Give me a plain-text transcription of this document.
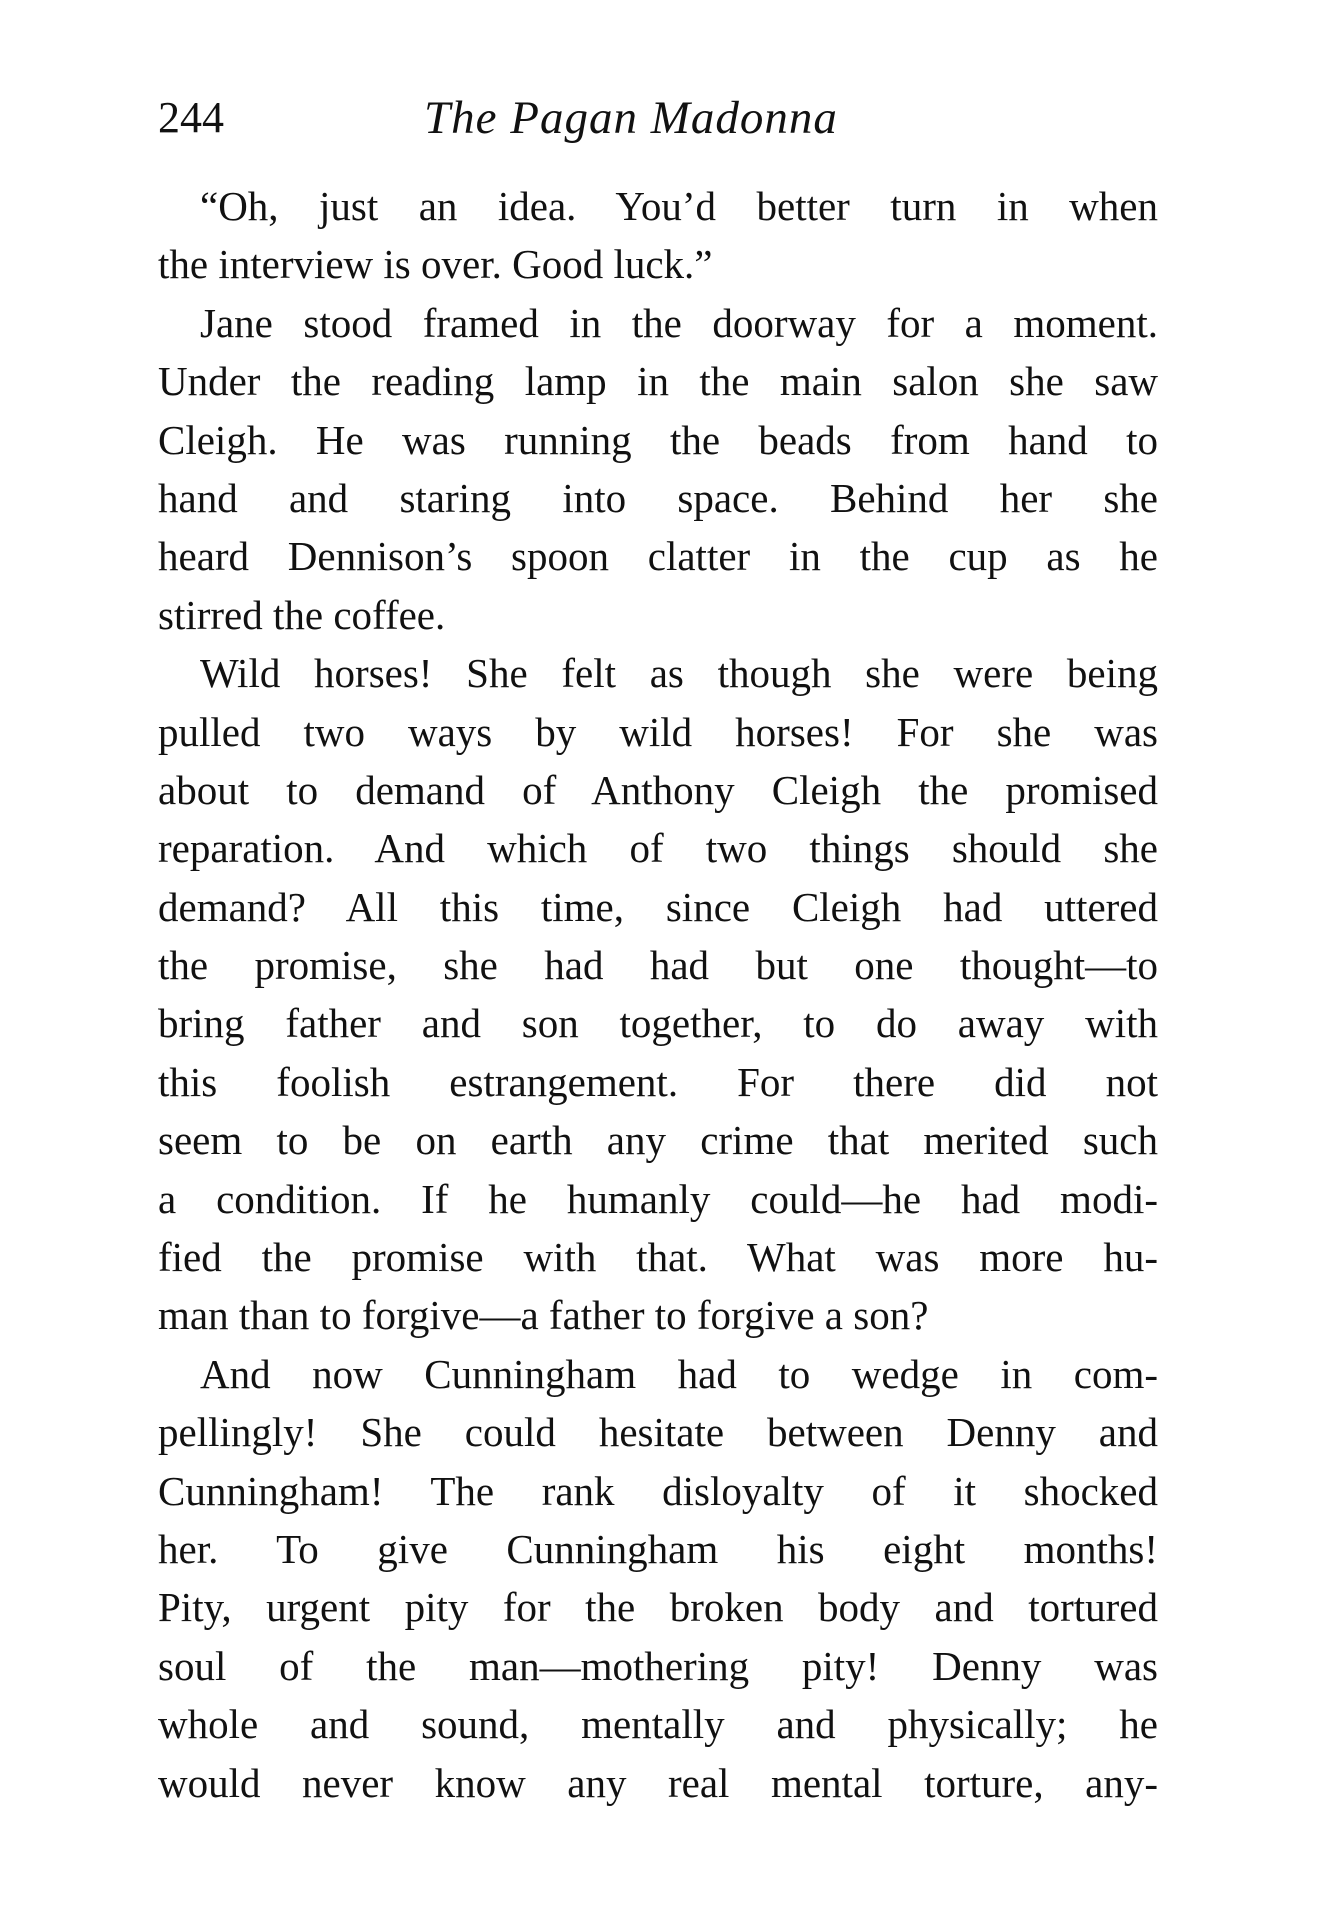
244	The Pagan Madonna
“Oh, just an idea. You’d better turn in when
the interview is over. Good luck.”
Jane stood framed in the doorway for a moment.
Under the reading lamp in the main salon she saw
Cleigh. He was running the beads from hand to
hand and staring into space. Behind her she
heard Dennison’s spoon clatter in the cup as he
stirred the coffee.
Wild horses! She felt as though she were being
pulled two ways by wild horses! For she was
about to demand of Anthony Cleigh the promised
reparation. And which of two things should she
demand? All this time, since Cleigh had uttered
the promise, she had had but one thought—to
bring father and son together, to do away with
this foolish estrangement. For there did not
seem to be on earth any crime that merited such
a condition. If he humanly could—he had modi-
fied the promise with that. What was more hu-
man than to forgive—a father to forgive a son?
And now Cunningham had to wedge in com-
pellingly! She could hesitate between Denny and
Cunningham! The rank disloyalty of it shocked
her. To give Cunningham his eight months!
Pity, urgent pity for the broken body and tortured
soul of the man—mothering pity! Denny was
whole and sound, mentally and physically; he
would never know any real mental torture, any-
